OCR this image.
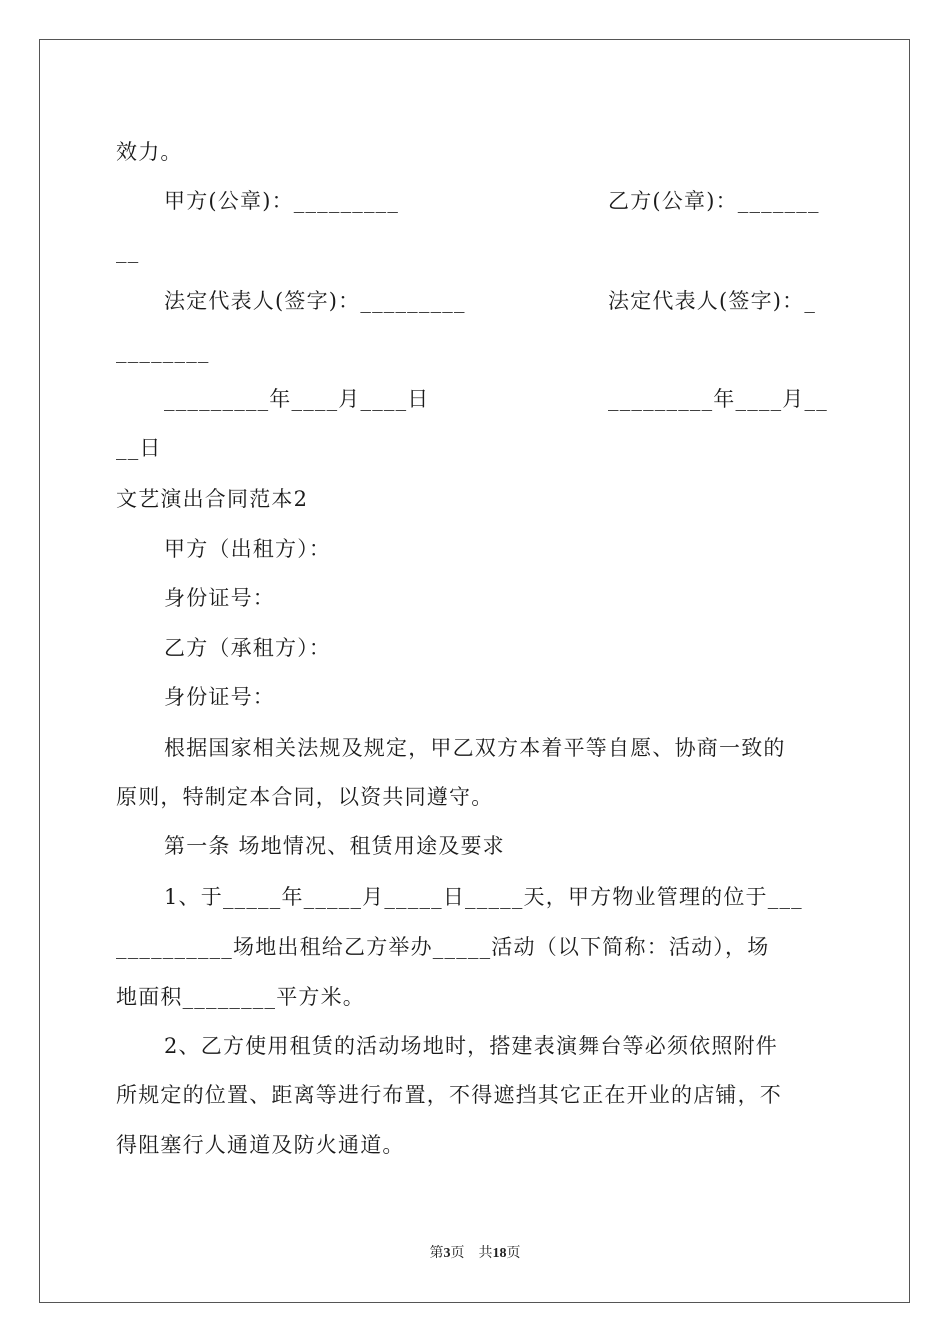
效力。
甲方(公章)：_________	乙方(公章)：_______
__
法定代表人(签字)：_________	法定代表人(签字)：_
________
_________年____月____日	_________年____月__
__日
文艺演出合同范本2
甲方（出租方）：
身份证号：
乙方（承租方）：
身份证号：
根据国家相关法规及规定，甲乙双方本着平等自愿、协商一致的
原则，特制定本合同，以资共同遵守。
第一条 场地情况、租赁用途及要求
1、于_____年_____月_____日_____天，甲方物业管理的位于___
__________场地出租给乙方举办_____活动（以下简称：活动），场
地面积________平方米。
2、乙方使用租赁的活动场地时，搭建表演舞台等必须依照附件
所规定的位置、距离等进行布置，不得遮挡其它正在开业的店铺，不
得阻塞行人通道及防火通道。
第3页　共18页
